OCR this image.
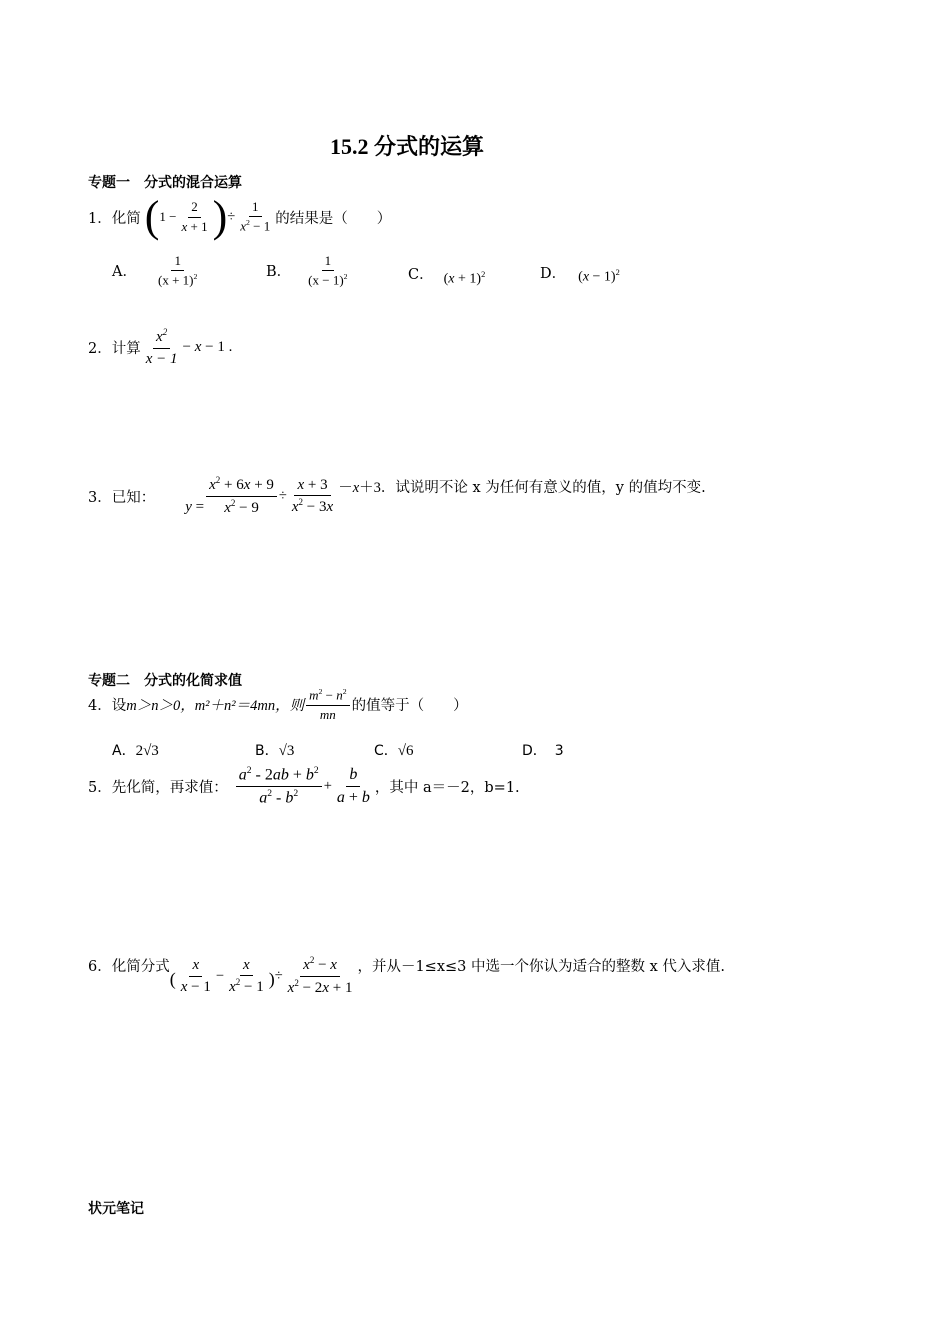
15.2 分式的运算
专题一　分式的混合运算
1．化简 ( $1 - \frac{2}{x + 1}$ ) ÷ $\frac{1}{x^2 - 1}$ 的结果是（　　）
A． $\frac{1}{(x + 1)^2}$	B． $\frac{1}{(x - 1)^2}$	C． $(x + 1)^2$	D． $(x - 1)^2$
2．计算 $\frac{x^2}{x - 1} - x - 1$ .
3．已知：
$y = \frac{x^2 + 6x + 9}{x^2 - 9} \div \frac{x + 3}{x^2 - 3x} -x+3$ ．试说明不论 x 为任何有意义的值，y 的值均不变.
专题二　分式的化简求值
4．设 m＞n＞0，m²＋n²＝4mn，则 $\frac{m^2 - n^2}{mn}$ 的值等于（　　）
A．2√3	B．√3	C．√6	D． 3
5．先化简，再求值： $\frac{a^2 - 2ab + b^2}{a^2 - b^2} + \frac{b}{a + b}$ ，其中 a＝－2，b=1.
6．化简分式
( $\frac{x}{x - 1} - \frac{x}{x^2 - 1}$ ) ÷ $\frac{x^2 - x}{x^2 - 2x + 1}$ ，并从－1≤x≤3 中选一个你认为适合的整数 x 代入求值.
状元笔记
